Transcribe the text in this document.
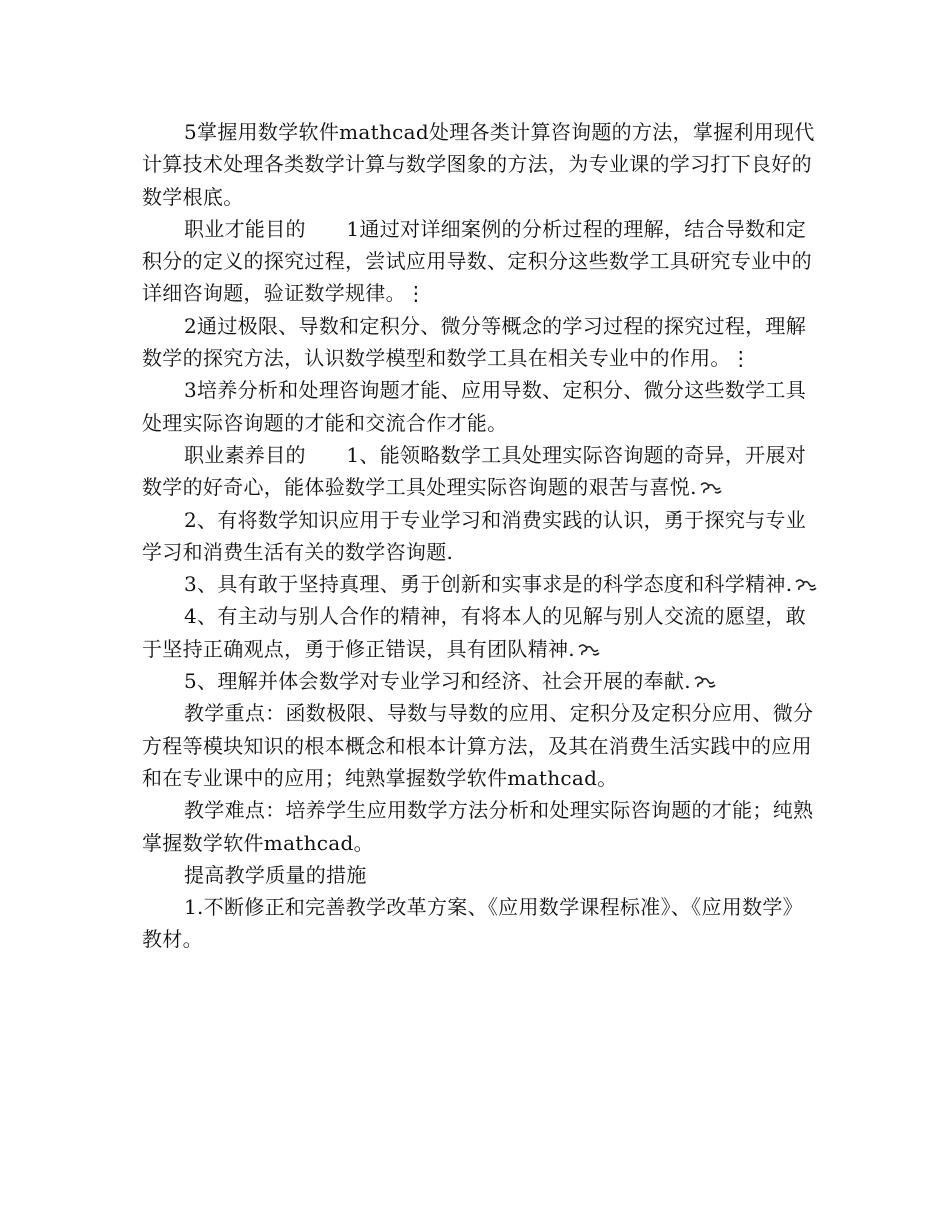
5掌握用数学软件mathcad处理各类计算咨询题的方法，掌握利用现代计算技术处理各类数学计算与数学图象的方法，为专业课的学习打下良好的数学根底。

职业才能目的　　1通过对详细案例的分析过程的理解，结合导数和定积分的定义的探究过程，尝试应用导数、定积分这些数学工具研究专业中的详细咨询题，验证数学规律。⋮

2通过极限、导数和定积分、微分等概念的学习过程的探究过程，理解数学的探究方法，认识数学模型和数学工具在相关专业中的作用。⋮

3培养分析和处理咨询题才能、应用导数、定积分、微分这些数学工具处理实际咨询题的才能和交流合作才能。

职业素养目的　　1、能领略数学工具处理实际咨询题的奇异，开展对数学的好奇心，能体验数学工具处理实际咨询题的艰苦与喜悦.

2、有将数学知识应用于专业学习和消费实践的认识，勇于探究与专业学习和消费生活有关的数学咨询题.

3、具有敢于坚持真理、勇于创新和实事求是的科学态度和科学精神.

4、有主动与别人合作的精神，有将本人的见解与别人交流的愿望，敢于坚持正确观点，勇于修正错误，具有团队精神.

5、理解并体会数学对专业学习和经济、社会开展的奉献.

教学重点：函数极限、导数与导数的应用、定积分及定积分应用、微分方程等模块知识的根本概念和根本计算方法，及其在消费生活实践中的应用和在专业课中的应用；纯熟掌握数学软件mathcad。

教学难点：培养学生应用数学方法分析和处理实际咨询题的才能；纯熟掌握数学软件mathcad。

提高教学质量的措施

1.不断修正和完善教学改革方案、《应用数学课程标准》、《应用数学》教材。
